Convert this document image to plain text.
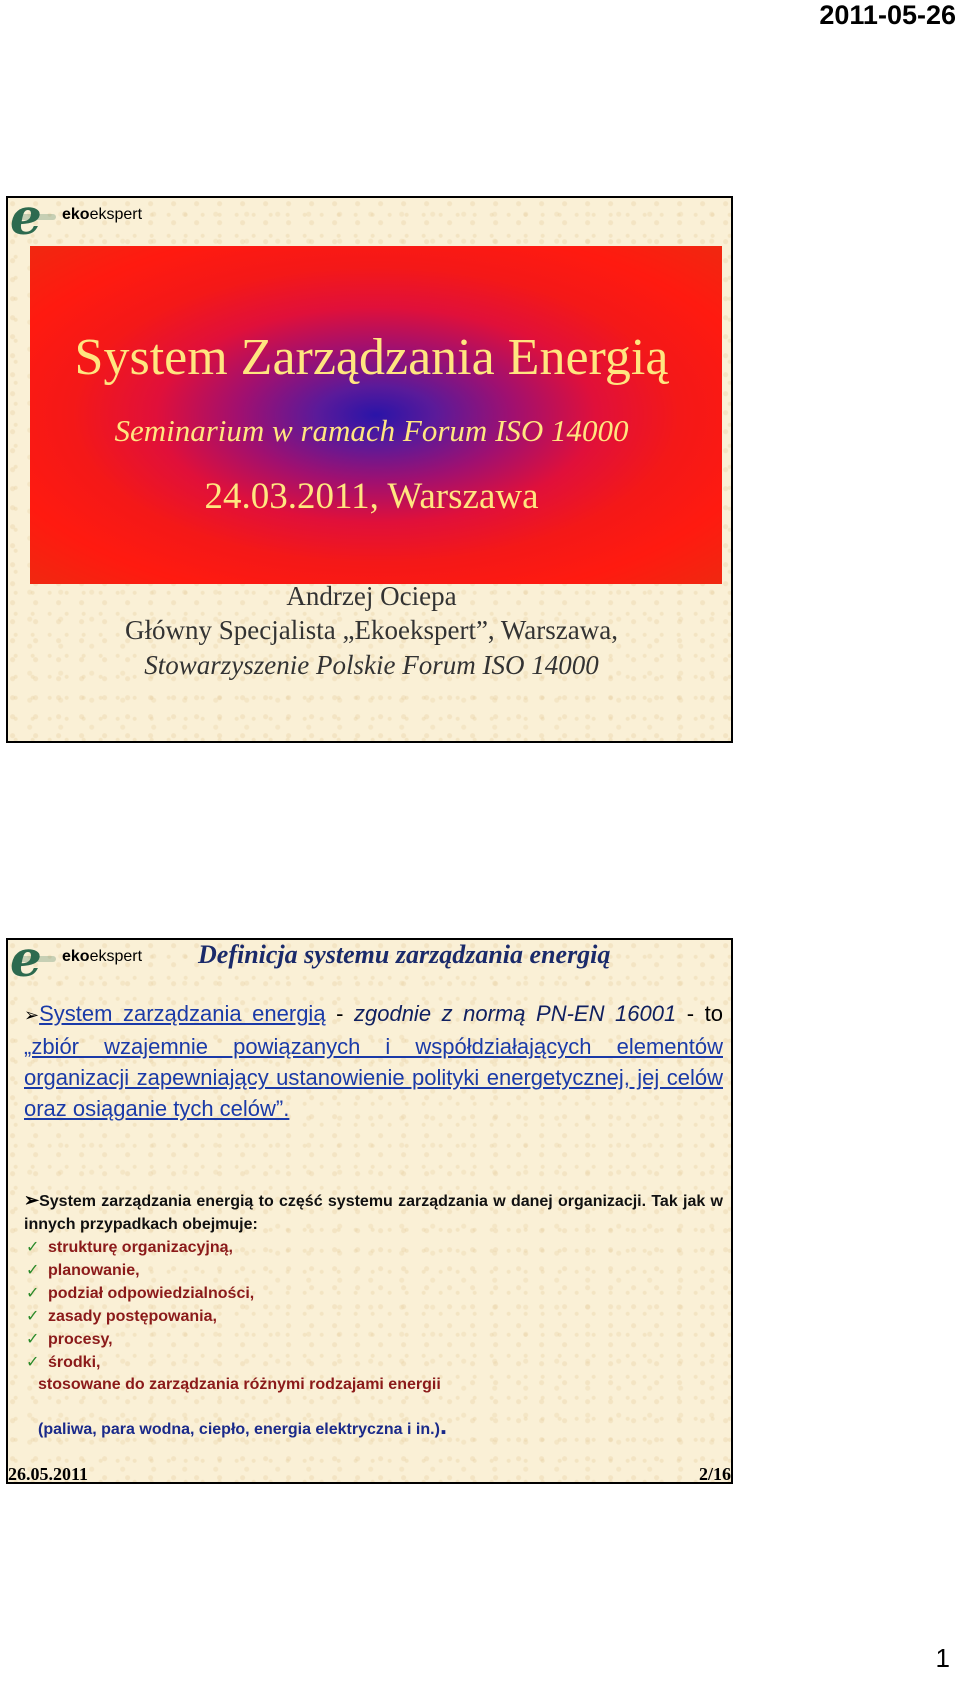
2011-05-26
e	ekoekspert
System Zarządzania Energią
Seminarium w ramach Forum ISO 14000
24.03.2011, Warszawa
Andrzej Ociepa
Główny Specjalista „Ekoekspert”, Warszawa,
Stowarzyszenie Polskie Forum ISO 14000
e	ekoekspert Definicja systemu zarządzania energią
➢System zarządzania energią - zgodnie z normą PN-EN 16001 - to „zbiór wzajemnie powiązanych i współdziałających elementów organizacji zapewniający ustanowienie polityki energetycznej, jej celów oraz osiąganie tych celów”.
➢System zarządzania energią to część systemu zarządzania w danej organizacji. Tak jak w innych przypadkach obejmuje:
✓ strukturę organizacyjną,
✓ planowanie,
✓ podział odpowiedzialności,
✓ zasady postępowania,
✓ procesy,
✓ środki,
stosowane do zarządzania różnymi rodzajami energii
(paliwa, para wodna, ciepło, energia elektryczna i in.).
26.05.2011	2/16
1
